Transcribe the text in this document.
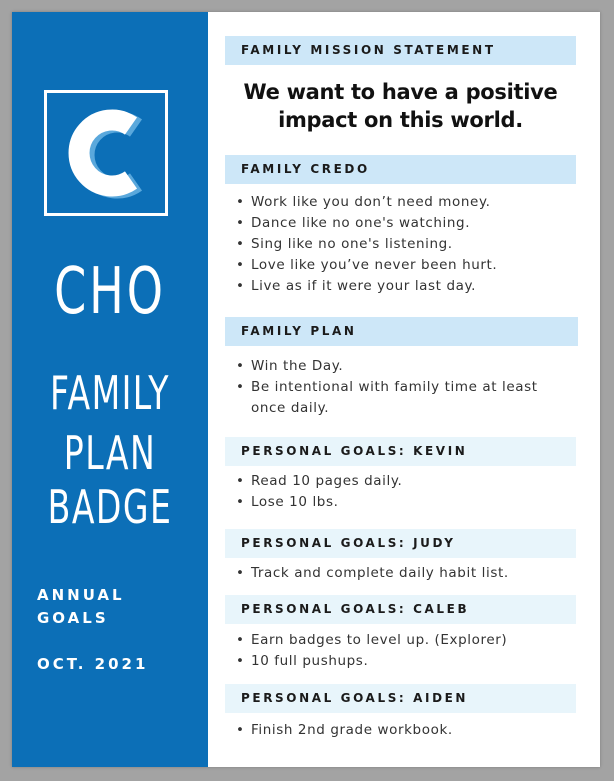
CHO
FAMILY
PLAN
BADGE
ANNUAL
GOALS
OCT. 2021
FAMILY MISSION STATEMENT
We want to have a positive impact on this world.
FAMILY CREDO
• Work like you don’t need money.
• Dance like no one's watching.
• Sing like no one's listening.
• Love like you’ve never been hurt.
• Live as if it were your last day.
FAMILY PLAN
• Win the Day.
• Be intentional with family time at least once daily.
PERSONAL GOALS: KEVIN
• Read 10 pages daily.
• Lose 10 lbs.
PERSONAL GOALS: JUDY
• Track and complete daily habit list.
PERSONAL GOALS: CALEB
• Earn badges to level up. (Explorer)
• 10 full pushups.
PERSONAL GOALS: AIDEN
• Finish 2nd grade workbook.
